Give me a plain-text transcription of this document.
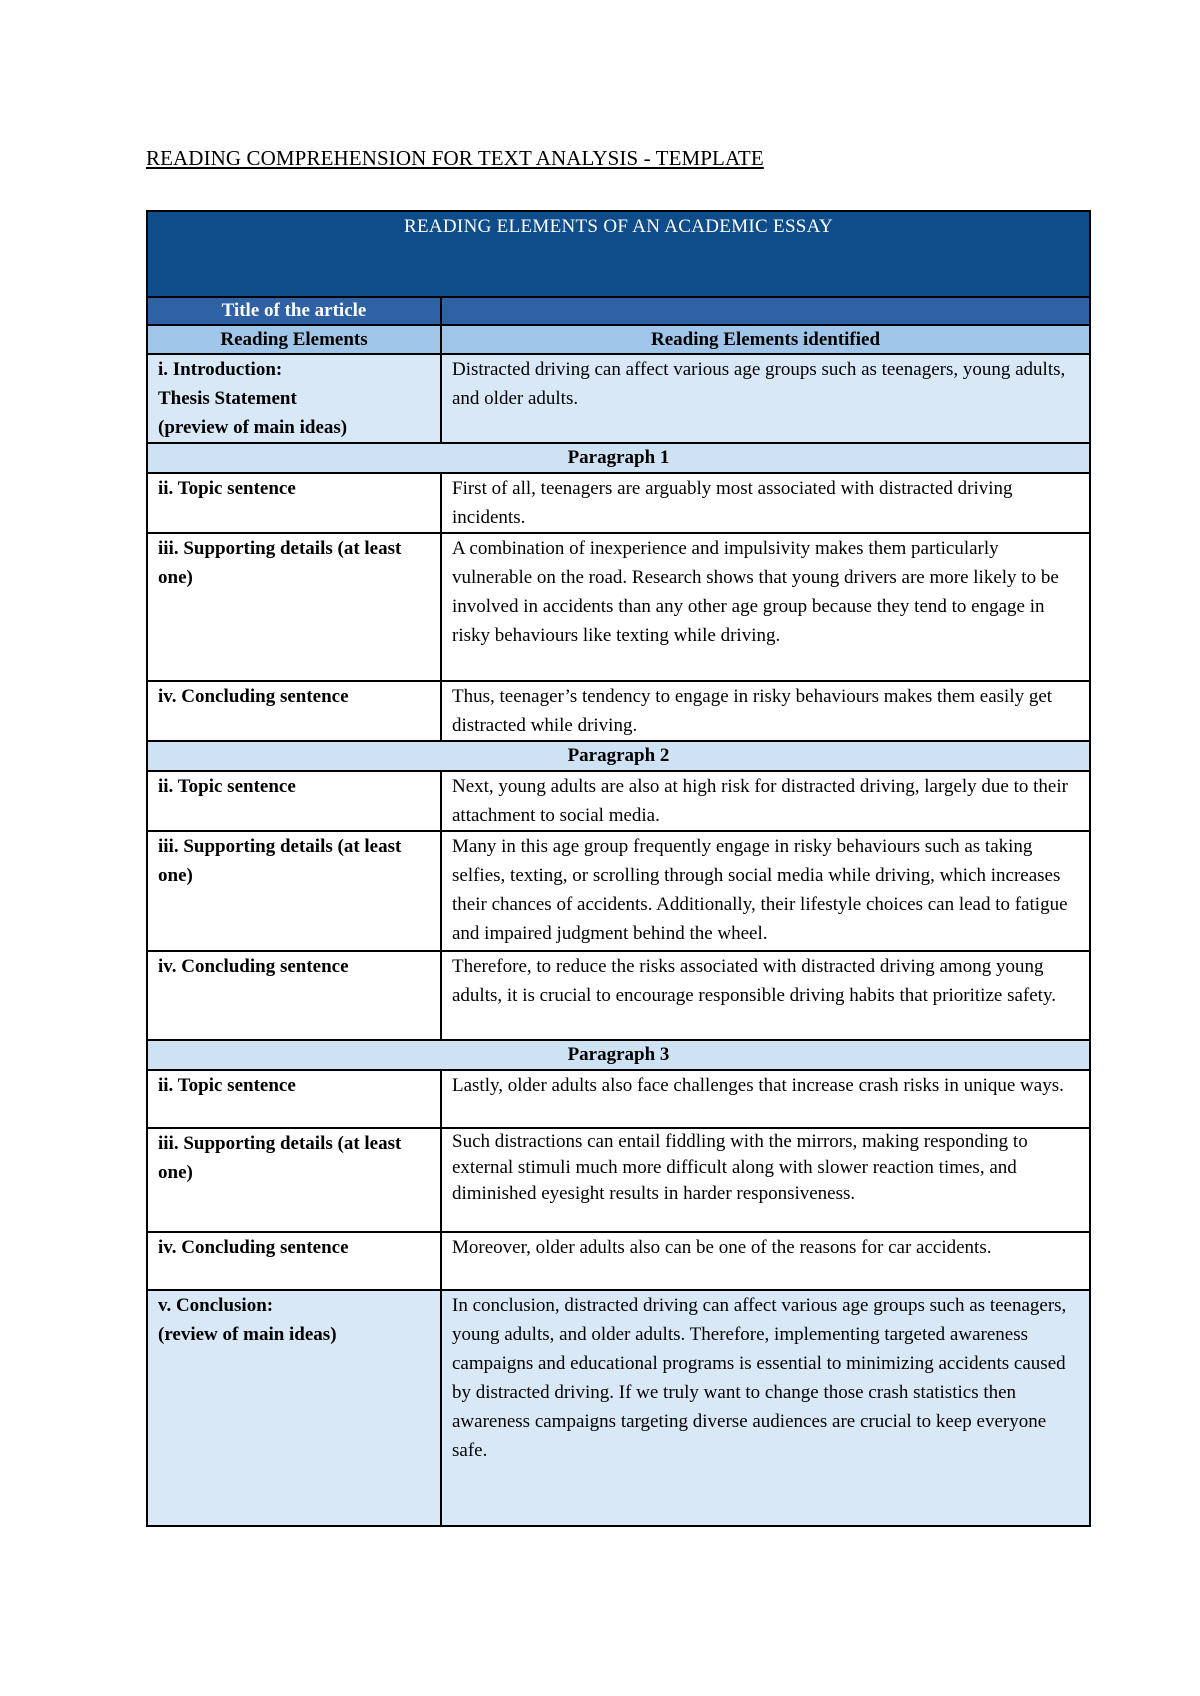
READING COMPREHENSION FOR TEXT ANALYSIS - TEMPLATE
READING ELEMENTS OF AN ACADEMIC ESSAY	
Title of the article	
Reading Elements	Reading Elements identified

i. Introduction:
Thesis Statement
(preview of main ideas)	Distracted driving can affect various age groups such as teenagers, young adults, and older adults.
Paragraph 1	
ii. Topic sentence	First of all, teenagers are arguably most associated with distracted driving incidents.
iii. Supporting details (at least one)	A combination of inexperience and impulsivity makes them particularly vulnerable on the road. Research shows that young drivers are more likely to be involved in accidents than any other age group because they tend to engage in risky behaviours like texting while driving.
iv. Concluding sentence	Thus, teenager’s tendency to engage in risky behaviours makes them easily get distracted while driving.
Paragraph 2	
ii. Topic sentence	Next, young adults are also at high risk for distracted driving, largely due to their attachment to social media.
iii. Supporting details (at least one)	Many in this age group frequently engage in risky behaviours such as taking selfies, texting, or scrolling through social media while driving, which increases their chances of accidents. Additionally, their lifestyle choices can lead to fatigue and impaired judgment behind the wheel.
iv. Concluding sentence	Therefore, to reduce the risks associated with distracted driving among young adults, it is crucial to encourage responsible driving habits that prioritize safety.
Paragraph 3	
ii. Topic sentence	Lastly, older adults also face challenges that increase crash risks in unique ways.
iii. Supporting details (at least one)	Such distractions can entail fiddling with the mirrors, making responding to external stimuli much more difficult along with slower reaction times, and diminished eyesight results in harder responsiveness.
iv. Concluding sentence	Moreover, older adults also can be one of the reasons for car accidents.

v. Conclusion:
(review of main ideas)	In conclusion, distracted driving can affect various age groups such as teenagers, young adults, and older adults. Therefore, implementing targeted awareness campaigns and educational programs is essential to minimizing accidents caused by distracted driving. If we truly want to change those crash statistics then awareness campaigns targeting diverse audiences are crucial to keep everyone safe.
